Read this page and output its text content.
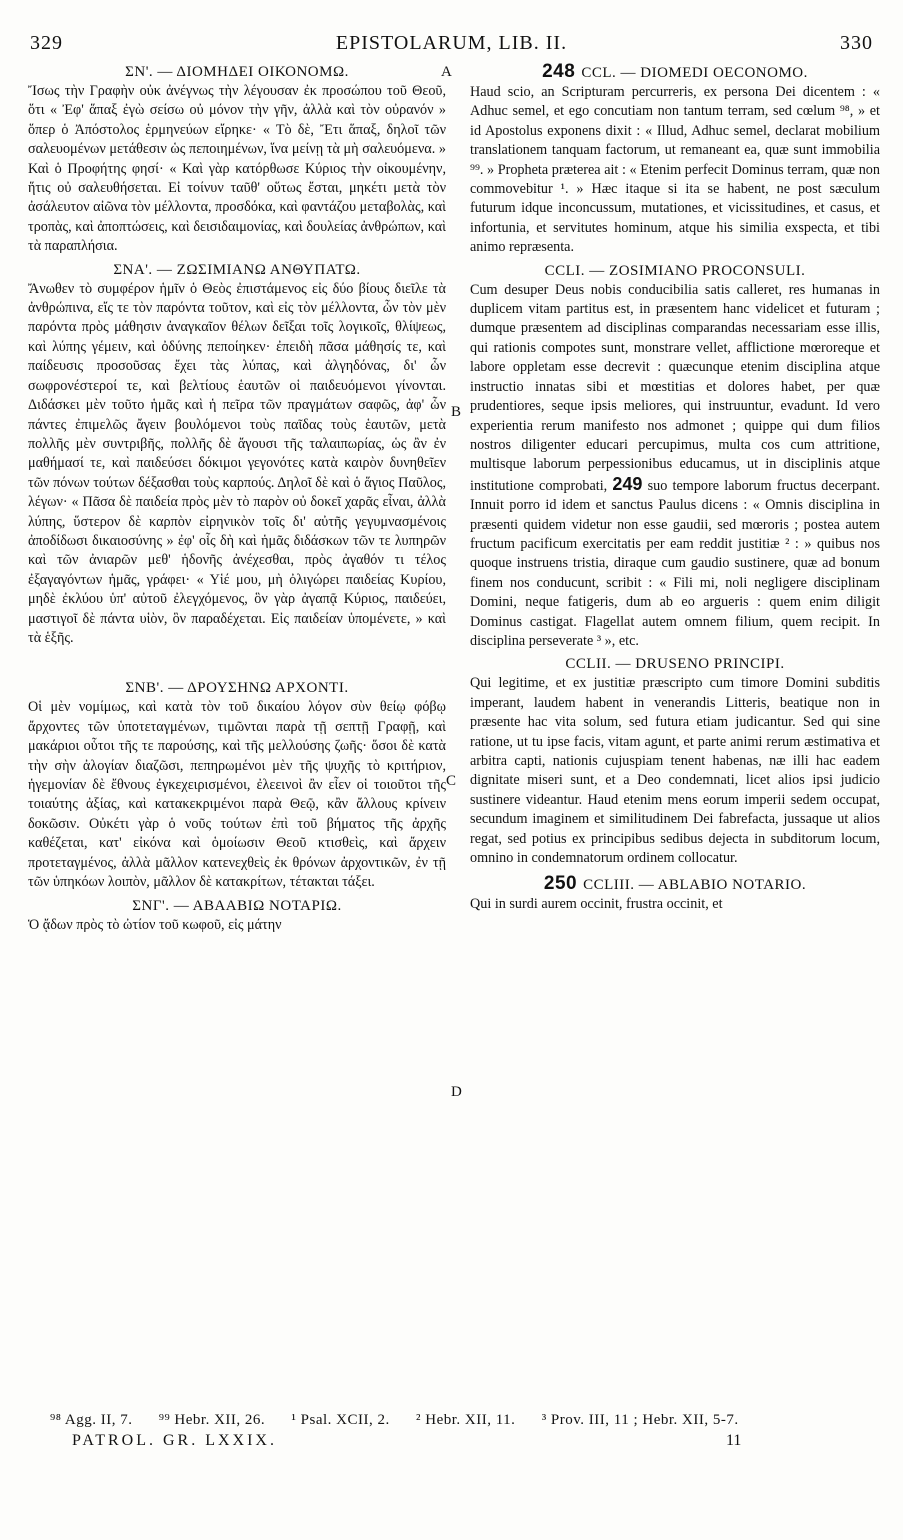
329	EPISTOLARUM, LIB. II.	330
A
B
C
D
ΣΝ'. — ΔΙΟΜΗΔΕΙ ΟΙΚΟΝΟΜΩ.

Ἴσως τὴν Γραφὴν οὐκ ἀνέγνως τὴν λέγουσαν ἐκ προσώπου τοῦ Θεοῦ, ὅτι « Ἐφ' ἅπαξ ἐγὼ σείσω οὐ μόνον τὴν γῆν, ἀλλὰ καὶ τὸν οὐρανόν » ὅπερ ὁ Ἀπόστολος ἑρμηνεύων εἴρηκε· « Τὸ δὲ, Ἔτι ἅπαξ, δηλοῖ τῶν σαλευομένων μετάθεσιν ὡς πεποιημένων, ἵνα μείνῃ τὰ μὴ σαλευόμενα. » Καὶ ὁ Προφήτης φησί· « Καὶ γὰρ κατόρθωσε Κύριος τὴν οἰκουμένην, ἥτις οὐ σαλευθήσεται. Εἰ τοίνυν ταῦθ' οὕτως ἔσται, μηκέτι μετὰ τὸν ἀσάλευτον αἰῶνα τὸν μέλλοντα, προσδόκα, καὶ φαντάζου μεταβολὰς, καὶ τροπὰς, καὶ ἀποπτώσεις, καὶ δεισιδαιμονίας, καὶ δουλείας ἀνθρώπων, καὶ τὰ παραπλήσια.

ΣΝΑ'. — ΖΩΣΙΜΙΑΝΩ ΑΝΘΥΠΑΤΩ.

Ἄνωθεν τὸ συμφέρον ἡμῖν ὁ Θεὸς ἐπιστάμενος εἰς δύο βίους διεῖλε τὰ ἀνθρώπινα, εἴς τε τὸν παρόντα τοῦτον, καὶ εἰς τὸν μέλλοντα, ὧν τὸν μὲν παρόντα πρὸς μάθησιν ἀναγκαῖον θέλων δεῖξαι τοῖς λογικοῖς, θλίψεως, καὶ λύπης γέμειν, καὶ ὀδύνης πεποίηκεν· ἐπειδὴ πᾶσα μάθησίς τε, καὶ παίδευσις προσοῦσας ἔχει τὰς λύπας, καὶ ἀλγηδόνας, δι' ὧν σωφρονέστεροί τε, καὶ βελτίους ἑαυτῶν οἱ παιδευόμενοι γίνονται. Διδάσκει μὲν τοῦτο ἡμᾶς καὶ ἡ πεῖρα τῶν πραγμάτων σαφῶς, ἀφ' ὧν πάντες ἐπιμελῶς ἄγειν βουλόμενοι τοὺς παῖδας τοὺς ἑαυτῶν, μετὰ πολλῆς μὲν συντριβῆς, πολλῆς δὲ ἄγουσι τῆς ταλαιπωρίας, ὡς ἂν ἐν μαθήμασί τε, καὶ παιδεύσει δόκιμοι γεγονότες κατὰ καιρὸν δυνηθεῖεν τῶν πόνων τούτων δέξασθαι τοὺς καρπούς. Δηλοῖ δὲ καὶ ὁ ἅγιος Παῦλος, λέγων· « Πᾶσα δὲ παιδεία πρὸς μὲν τὸ παρὸν οὐ δοκεῖ χαρᾶς εἶναι, ἀλλὰ λύπης, ὕστερον δὲ καρπὸν εἰρηνικὸν τοῖς δι' αὐτῆς γεγυμνασμένοις ἀποδίδωσι δικαιοσύνης » ἐφ' οἷς δὴ καὶ ἡμᾶς διδάσκων τῶν τε λυπηρῶν καὶ τῶν ἀνιαρῶν μεθ' ἡδονῆς ἀνέχεσθαι, πρὸς ἀγαθόν τι τέλος ἐξαγαγόντων ἡμᾶς, γράφει· « Υἱέ μου, μὴ ὀλιγώρει παιδείας Κυρίου, μηδὲ ἐκλύου ὑπ' αὐτοῦ ἐλεγχόμενος, ὃν γὰρ ἀγαπᾷ Κύριος, παιδεύει, μαστιγοῖ δὲ πάντα υἱὸν, ὃν παραδέχεται. Εἰς παιδείαν ὑπομένετε, » καὶ τὰ ἑξῆς.

ΣΝΒ'. — ΔΡΟΥΣΗΝΩ ΑΡΧΟΝΤΙ.

Οἱ μὲν νομίμως, καὶ κατὰ τὸν τοῦ δικαίου λόγον σὺν θείῳ φόβῳ ἄρχοντες τῶν ὑποτεταγμένων, τιμῶνται παρὰ τῇ σεπτῇ Γραφῇ, καὶ μακάριοι οὗτοι τῆς τε παρούσης, καὶ τῆς μελλούσης ζωῆς· ὅσοι δὲ κατὰ τὴν σὴν ἀλογίαν διαζῶσι, πεπηρωμένοι μὲν τῆς ψυχῆς τὸ κριτήριον, ἡγεμονίαν δὲ ἔθνους ἐγκεχειρισμένοι, ἐλεεινοὶ ἂν εἶεν οἱ τοιοῦτοι τῆς τοιαύτης ἀξίας, καὶ κατακεκριμένοι παρὰ Θεῷ, κἂν ἄλλους κρίνειν δοκῶσιν. Οὐκέτι γὰρ ὁ νοῦς τούτων ἐπὶ τοῦ βήματος τῆς ἀρχῆς καθέζεται, κατ' εἰκόνα καὶ ὁμοίωσιν Θεοῦ κτισθεὶς, καὶ ἄρχειν προτεταγμένος, ἀλλὰ μᾶλλον κατενεχθεὶς ἐκ θρόνων ἀρχοντικῶν, ἐν τῇ τῶν ὑπηκόων λοιπὸν, μᾶλλον δὲ κατακρίτων, τέτακται τάξει.

ΣΝΓ'. — ΑΒΑΑΒΙΩ ΝΟΤΑΡΙΩ.

Ὁ ᾄδων πρὸς τὸ ὠτίον τοῦ κωφοῦ, εἰς μάτην

248 CCL. — DIOMEDI OECONOMO.

Haud scio, an Scripturam percurreris, ex persona Dei dicentem : « Adhuc semel, et ego concutiam non tantum terram, sed cœlum ⁹⁸, » et id Apostolus exponens dixit : « Illud, Adhuc semel, declarat mobilium translationem tanquam factorum, ut remaneant ea, quæ sunt immobilia ⁹⁹. » Propheta præterea ait : « Etenim perfecit Dominus terram, quæ non commovebitur ¹. » Hæc itaque si ita se habent, ne post sæculum futurum idque inconcussum, mutationes, et vicissitudines, et casus, et infortunia, et servitutes hominum, atque his similia exspecta, et tibi animo repræsenta.

CCLI. — ZOSIMIANO PROCONSULI.

Cum desuper Deus nobis conducibilia satis calleret, res humanas in duplicem vitam partitus est, in præsentem hanc videlicet et futuram ; dumque præsentem ad disciplinas comparandas necessariam esse illis, qui rationis compotes sunt, monstrare vellet, afflictione mœroreque et labore oppletam esse decrevit : quæcunque etenim disciplina atque instructio innatas sibi et mœstitias et dolores habet, per quæ prudentiores, seque ipsis meliores, qui instruuntur, evadunt. Id vero experientia rerum manifesto nos admonet ; quippe qui dum filios nostros diligenter educari percupimus, multa cos cum attritione, multisque laborum perpessionibus educamus, ut in disciplinis atque institutione comprobati, 249 suo tempore laborum fructus decerpant. Innuit porro id idem et sanctus Paulus dicens : « Omnis disciplina in præsenti quidem videtur non esse gaudii, sed mœroris ; postea autem fructum pacificum exercitatis per eam reddit justitiæ ² : » quibus nos quoque instruens tristia, diraque cum gaudio sustinere, quæ ad bonum finem nos conducunt, scribit : « Fili mi, noli negligere disciplinam Domini, neque fatigeris, dum ab eo argueris : quem enim diligit Dominus castigat. Flagellat autem omnem filium, quem recipit. In disciplina perseverate ³ », etc.

CCLII. — DRUSENO PRINCIPI.

Qui legitime, et ex justitiæ præscripto cum timore Domini subditis imperant, laudem habent in venerandis Litteris, beatique non in præsente hac vita solum, sed futura etiam judicantur. Sed qui sine ratione, ut tu ipse facis, vitam agunt, et parte animi rerum æstimativa et arbitra capti, nationis cujuspiam tenent habenas, næ illi hac eadem dignitate miseri sunt, et a Deo condemnati, licet alios ipsi judicio sustinere videantur. Haud etenim mens eorum imperii sedem occupat, secundum imaginem et similitudinem Dei fabrefacta, jussaque ut alios regat, sed potius ex principibus sedibus dejecta in subditorum locum, omnino in condemnatorum ordinem collocatur.

250 CCLIII. — ABLABIO NOTARIO.

Qui in surdi aurem occinit, frustra occinit, et

⁹⁸ Agg. II, 7. ⁹⁹ Hebr. XII, 26. ¹ Psal. XCII, 2. ² Hebr. XII, 11. ³ Prov. III, 11 ; Hebr. XII, 5-7.
PATROL. GR. LXXIX.	11
